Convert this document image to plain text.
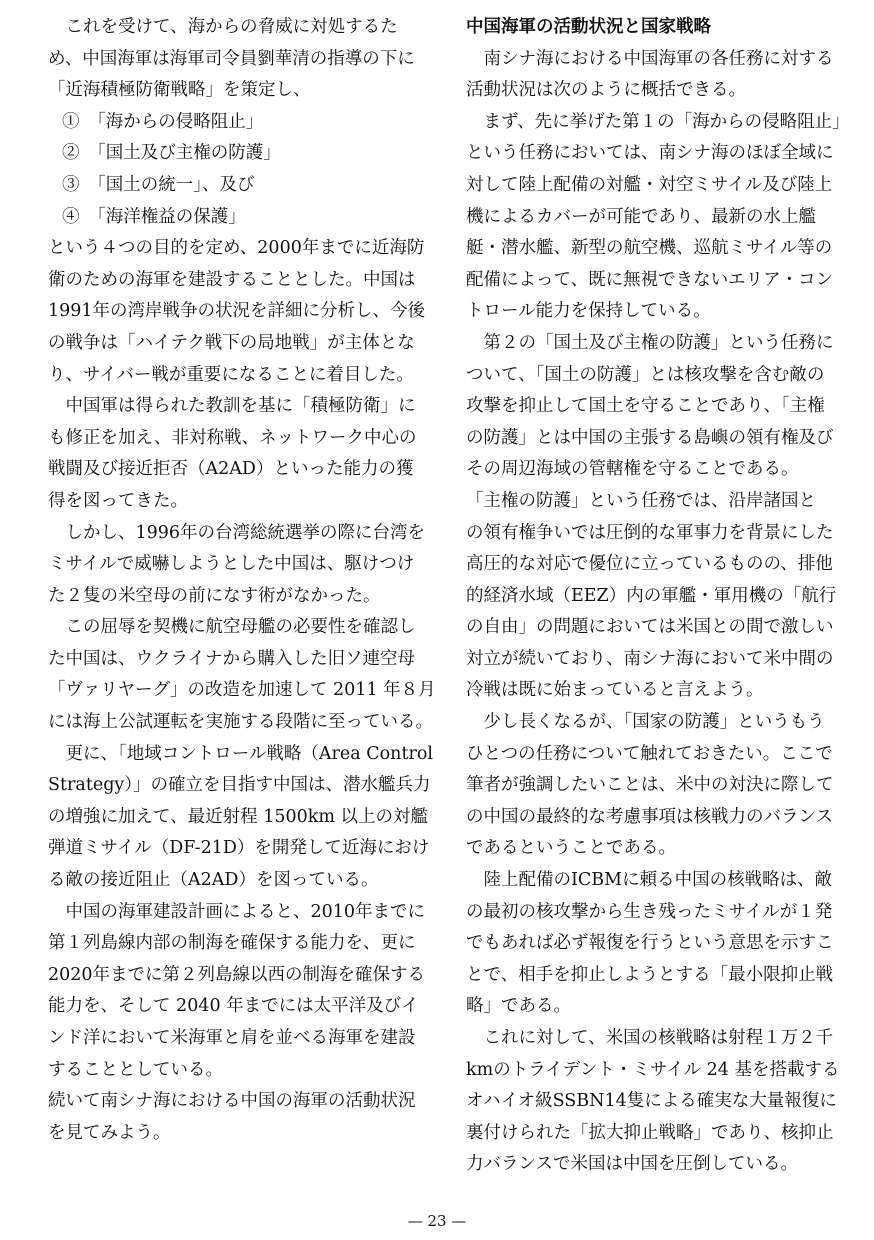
　これを受けて、海からの脅威に対処するた
め、中国海軍は海軍司令員劉華清の指導の下に
「近海積極防衛戦略」を策定し、
①　「海からの侵略阻止」
②　「国土及び主権の防護」
③　「国土の統一」、及び
④　「海洋権益の保護」
という４つの目的を定め、2000年までに近海防
衛のための海軍を建設することとした。中国は
1991年の湾岸戦争の状況を詳細に分析し、今後
の戦争は「ハイテク戦下の局地戦」が主体とな
り、サイバー戦が重要になることに着目した。
　中国軍は得られた教訓を基に「積極防衛」に
も修正を加え、非対称戦、ネットワーク中心の
戦闘及び接近拒否（A2AD）といった能力の獲
得を図ってきた。
　しかし、1996年の台湾総統選挙の際に台湾を
ミサイルで威嚇しようとした中国は、駆けつけ
た２隻の米空母の前になす術がなかった。
　この屈辱を契機に航空母艦の必要性を確認し
た中国は、ウクライナから購入した旧ソ連空母
「ヴァリヤーグ」の改造を加速して 2011 年８月
には海上公試運転を実施する段階に至っている。
　更に、「地域コントロール戦略（Area Control
Strategy）」の確立を目指す中国は、潜水艦兵力
の増強に加えて、最近射程 1500km 以上の対艦
弾道ミサイル（DF-21D）を開発して近海におけ
る敵の接近阻止（A2AD）を図っている。
　中国の海軍建設計画によると、2010年までに
第１列島線内部の制海を確保する能力を、更に
2020年までに第２列島線以西の制海を確保する
能力を、そして 2040 年までには太平洋及びイ
ンド洋において米海軍と肩を並べる海軍を建設
することとしている。
続いて南シナ海における中国の海軍の活動状況
を見てみよう。
中国海軍の活動状況と国家戦略
　南シナ海における中国海軍の各任務に対する
活動状況は次のように概括できる。
　まず、先に挙げた第１の「海からの侵略阻止」
という任務においては、南シナ海のほぼ全域に
対して陸上配備の対艦・対空ミサイル及び陸上
機によるカバーが可能であり、最新の水上艦
艇・潜水艦、新型の航空機、巡航ミサイル等の
配備によって、既に無視できないエリア・コン
トロール能力を保持している。
　第２の「国土及び主権の防護」という任務に
ついて、「国土の防護」とは核攻撃を含む敵の
攻撃を抑止して国土を守ることであり、「主権
の防護」とは中国の主張する島嶼の領有権及び
その周辺海域の管轄権を守ることである。
「主権の防護」という任務では、沿岸諸国と
の領有権争いでは圧倒的な軍事力を背景にした
高圧的な対応で優位に立っているものの、排他
的経済水域（EEZ）内の軍艦・軍用機の「航行
の自由」の問題においては米国との間で激しい
対立が続いており、南シナ海において米中間の
冷戦は既に始まっていると言えよう。
　少し長くなるが、「国家の防護」というもう
ひとつの任務について触れておきたい。ここで
筆者が強調したいことは、米中の対決に際して
の中国の最終的な考慮事項は核戦力のバランス
であるということである。
　陸上配備のICBMに頼る中国の核戦略は、敵
の最初の核攻撃から生き残ったミサイルが１発
でもあれば必ず報復を行うという意思を示すこ
とで、相手を抑止しようとする「最小限抑止戦
略」である。
　これに対して、米国の核戦略は射程１万２千
kmのトライデント・ミサイル 24 基を搭載する
オハイオ級SSBN14隻による確実な大量報復に
裏付けられた「拡大抑止戦略」であり、核抑止
力バランスで米国は中国を圧倒している。
— 23 —
